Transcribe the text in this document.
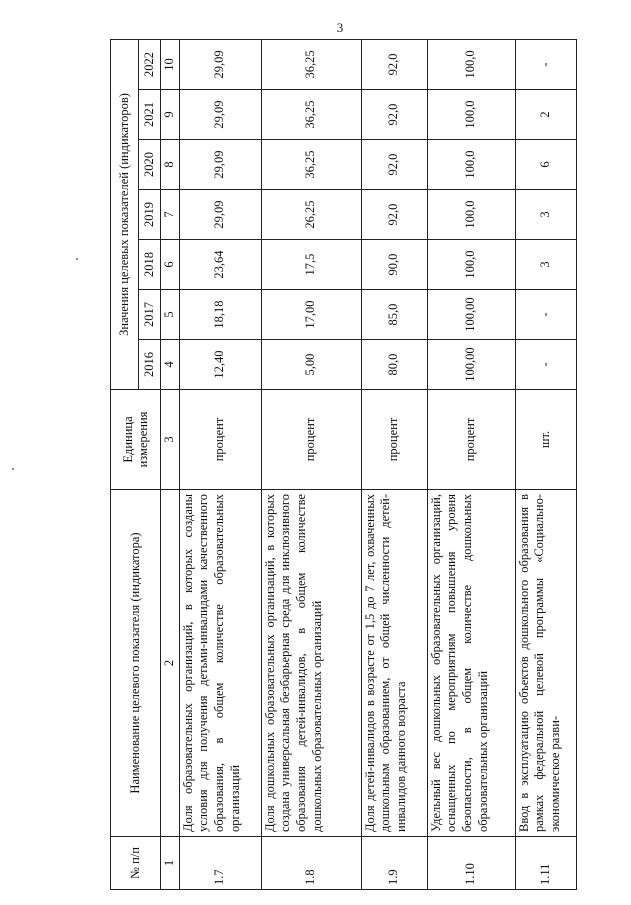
3
№ п/п	Наименование целевого показателя (индикатора)	Единица измерения	Значения целевых показателей (индикаторов)						
			2016	2017	2018	2019	2020	2021	2022
1	2	3	4	5	6	7	8	9	10
1.7	Доля образовательных организаций, в которых созданы условия для получения детьми-инвалидами качественного образования, в общем количестве образовательных организаций	процент	12,40	18,18	23,64	29,09	29,09	29,09	29,09
1.8	Доля дошкольных образовательных организаций, в которых создана универсальная безбарьерная среда для инклюзивного образования детей-инвалидов, в общем количестве дошкольных образовательных организаций	процент	5,00	17,00	17,5	26,25	36,25	36,25	36,25
1.9	Доля детей-инвалидов в возрасте от 1,5 до 7 лет, охваченных дошкольным образованием, от общей численности детей-инвалидов данного возраста	процент	80,0	85,0	90,0	92,0	92,0	92,0	92,0
1.10	Удельный вес дошкольных образовательных организаций, оснащенных по мероприятиям повышения уровня безопасности, в общем количестве дошкольных образовательных организаций	процент	100,00	100,00	100,0	100,0	100,0	100,0	100,0
1.11	Ввод в эксплуатацию объектов дошкольного образования в рамках федеральной целевой программы «Социально- экономическое разви-	шт.	-	-	3	3	6	2	-
